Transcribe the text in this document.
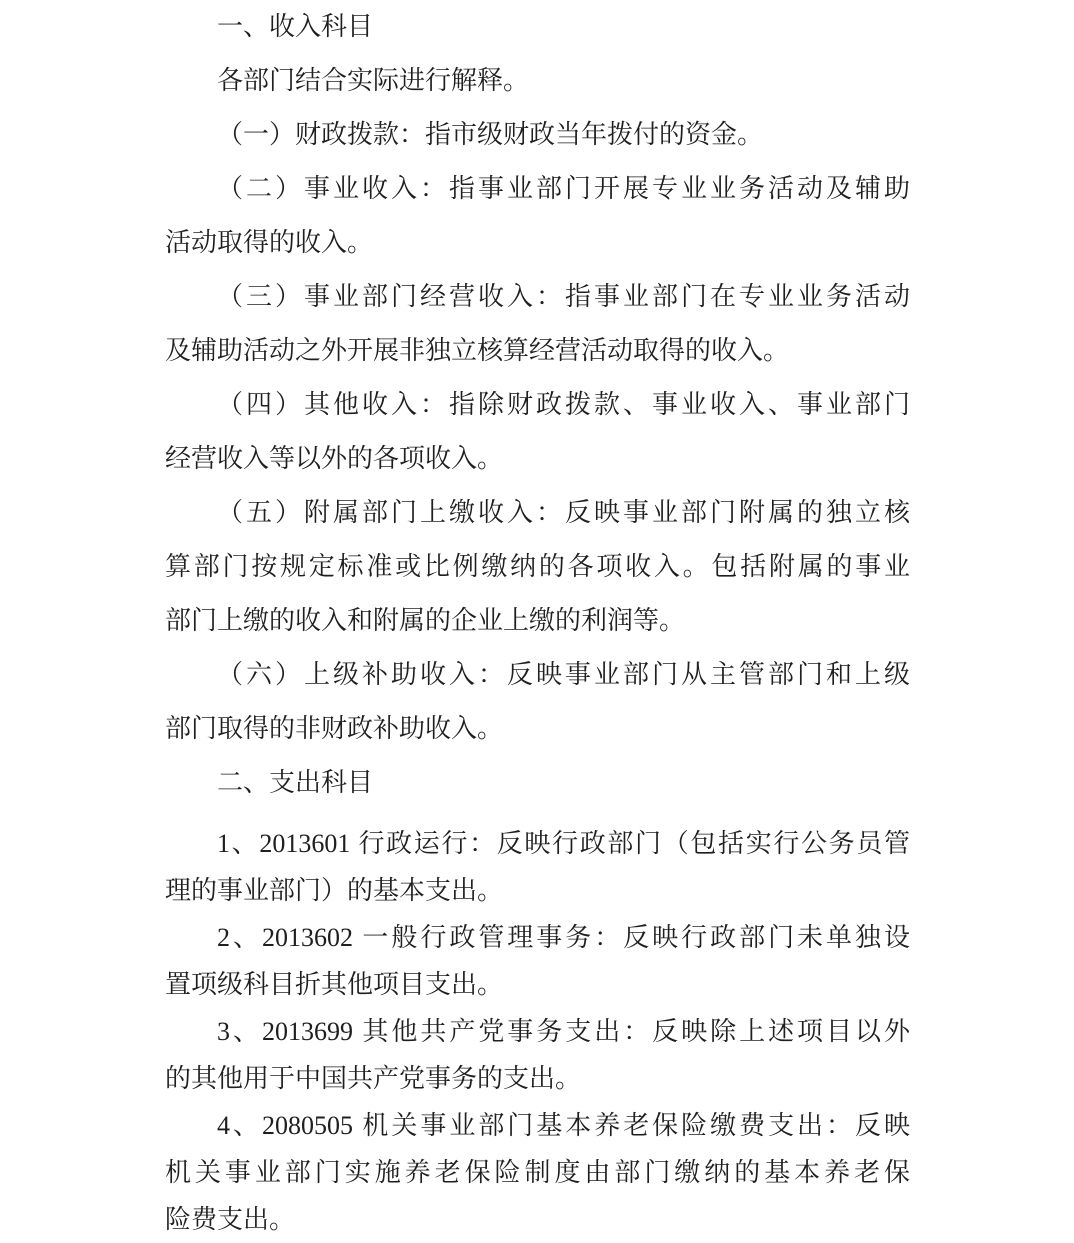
一、收入科目
各部门结合实际进行解释。
（一）财政拨款：指市级财政当年拨付的资金。
（二）事业收入：指事业部门开展专业业务活动及辅助
活动取得的收入。
（三）事业部门经营收入：指事业部门在专业业务活动
及辅助活动之外开展非独立核算经营活动取得的收入。
（四）其他收入：指除财政拨款、事业收入、事业部门
经营收入等以外的各项收入。
（五）附属部门上缴收入：反映事业部门附属的独立核
算部门按规定标准或比例缴纳的各项收入。包括附属的事业
部门上缴的收入和附属的企业上缴的利润等。
（六）上级补助收入：反映事业部门从主管部门和上级
部门取得的非财政补助收入。
二、支出科目
1、2013601 行政运行：反映行政部门（包括实行公务员管
理的事业部门）的基本支出。
2、2013602 一般行政管理事务：反映行政部门未单独设
置项级科目折其他项目支出。
3、2013699 其他共产党事务支出：反映除上述项目以外
的其他用于中国共产党事务的支出。
4、2080505 机关事业部门基本养老保险缴费支出：反映
机关事业部门实施养老保险制度由部门缴纳的基本养老保
险费支出。
